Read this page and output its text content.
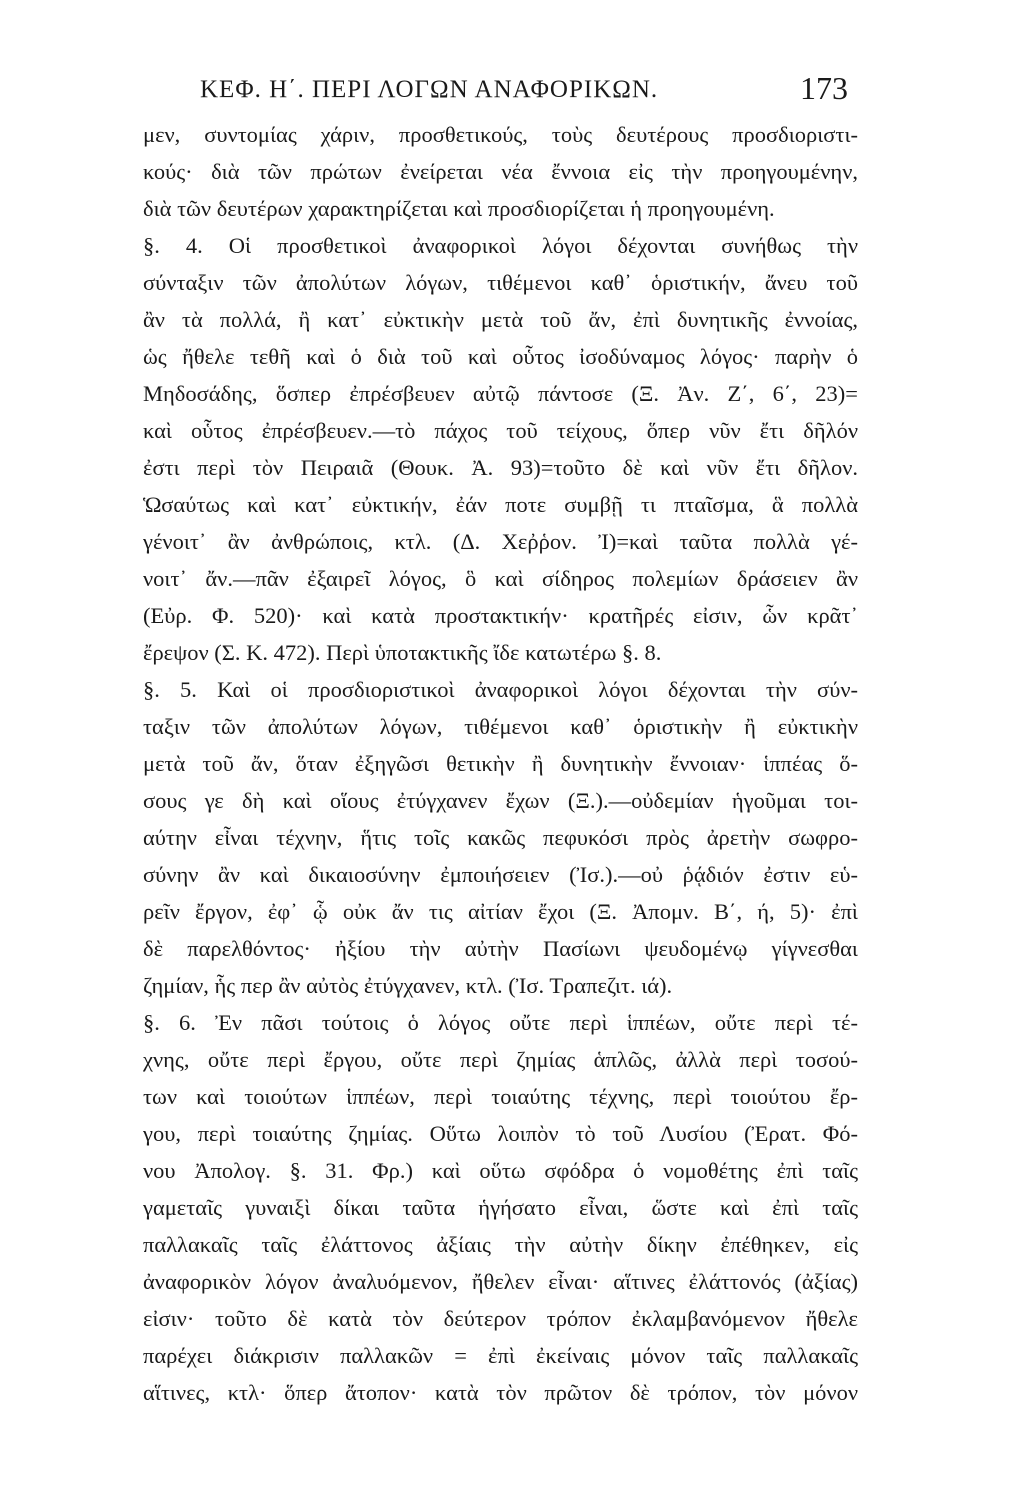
ΚΕΦ. Η΄. ΠΕΡΙ ΛΟΓΩΝ ΑΝΑΦΟΡΙΚΩΝ.	173
μεν, συντομίας χάριν, προσθετικούς, τοὺς δευτέρους προσδιοριστι-
κούς· διὰ τῶν πρώτων ἐνείρεται νέα ἔννοια εἰς τὴν προηγουμένην,
διὰ τῶν δευτέρων χαρακτηρίζεται καὶ προσδιορίζεται ἡ προηγουμένη.
§. 4. Οἱ προσθετικοὶ ἀναφορικοὶ λόγοι δέχονται συνήθως τὴν
σύνταξιν τῶν ἀπολύτων λόγων, τιθέμενοι καθ᾽ ὁριστικήν, ἄνευ τοῦ
ἂν τὰ πολλά, ἢ κατ᾽ εὐκτικὴν μετὰ τοῦ ἄν, ἐπὶ δυνητικῆς ἐννοίας,
ὡς ἤθελε τεθῆ καὶ ὁ διὰ τοῦ καὶ οὗτος ἰσοδύναμος λόγος· παρὴν ὁ
Μηδοσάδης, ὅσπερ ἐπρέσβευεν αὐτῷ πάντοσε (Ξ. Ἀν. Ζ΄, 6΄, 23)=
καὶ οὗτος ἐπρέσβευεν.—τὸ πάχος τοῦ τείχους, ὅπερ νῦν ἔτι δῆλόν
ἐστι περὶ τὸν Πειραιᾶ (Θουκ. Ἀ. 93)=τοῦτο δὲ καὶ νῦν ἔτι δῆλον.
Ὡσαύτως καὶ κατ᾽ εὐκτικήν, ἐάν ποτε συμβῇ τι πταῖσμα, ἃ πολλὰ
γένοιτ᾽ ἂν ἀνθρώποις, κτλ. (Δ. Χεῤῥον. Ἰ)=καὶ ταῦτα πολλὰ γέ-
νοιτ᾽ ἄν.—πᾶν ἐξαιρεῖ λόγος, ὃ καὶ σίδηρος πολεμίων δράσειεν ἂν
(Εὐρ. Φ. 520)· καὶ κατὰ προστακτικήν· κρατῆρές εἰσιν, ὧν κρᾶτ᾽
ἔρεψον (Σ. Κ. 472). Περὶ ὑποτακτικῆς ἴδε κατωτέρω §. 8.
§. 5. Καὶ οἱ προσδιοριστικοὶ ἀναφορικοὶ λόγοι δέχονται τὴν σύν-
ταξιν τῶν ἀπολύτων λόγων, τιθέμενοι καθ᾽ ὁριστικὴν ἢ εὐκτικὴν
μετὰ τοῦ ἄν, ὅταν ἐξηγῶσι θετικὴν ἢ δυνητικὴν ἔννοιαν· ἱππέας ὅ-
σους γε δὴ καὶ οἵους ἐτύγχανεν ἔχων (Ξ.).—οὐδεμίαν ἡγοῦμαι τοι-
αύτην εἶναι τέχνην, ἥτις τοῖς κακῶς πεφυκόσι πρὸς ἀρετὴν σωφρο-
σύνην ἂν καὶ δικαιοσύνην ἐμποιήσειεν (Ἰσ.).—οὐ ῥᾴδιόν ἐστιν εὑ-
ρεῖν ἔργον, ἐφ᾽ ᾧ οὐκ ἄν τις αἰτίαν ἔχοι (Ξ. Ἀπομν. Β΄, ή, 5)· ἐπὶ
δὲ παρελθόντος· ἠξίου τὴν αὐτὴν Πασίωνι ψευδομένῳ γίγνεσθαι
ζημίαν, ἧς περ ἂν αὐτὸς ἐτύγχανεν, κτλ. (Ἰσ. Τραπεζιτ. ιά).
§. 6. Ἐν πᾶσι τούτοις ὁ λόγος οὔτε περὶ ἱππέων, οὔτε περὶ τέ-
χνης, οὔτε περὶ ἔργου, οὔτε περὶ ζημίας ἁπλῶς, ἀλλὰ περὶ τοσού-
των καὶ τοιούτων ἱππέων, περὶ τοιαύτης τέχνης, περὶ τοιούτου ἔρ-
γου, περὶ τοιαύτης ζημίας. Οὕτω λοιπὸν τὸ τοῦ Λυσίου (Ἐρατ. Φό-
νου Ἀπολογ. §. 31. Φρ.) καὶ οὕτω σφόδρα ὁ νομοθέτης ἐπὶ ταῖς
γαμεταῖς γυναιξὶ δίκαι ταῦτα ἡγήσατο εἶναι, ὥστε καὶ ἐπὶ ταῖς
παλλακαῖς ταῖς ἐλάττονος ἀξίαις τὴν αὐτὴν δίκην ἐπέθηκεν, εἰς
ἀναφορικὸν λόγον ἀναλυόμενον, ἤθελεν εἶναι· αἵτινες ἐλάττονός (ἀξίας)
εἰσιν· τοῦτο δὲ κατὰ τὸν δεύτερον τρόπον ἐκλαμβανόμενον ἤθελε
παρέχει διάκρισιν παλλακῶν = ἐπὶ ἐκείναις μόνον ταῖς παλλακαῖς
αἵτινες, κτλ· ὅπερ ἄτοπον· κατὰ τὸν πρῶτον δὲ τρόπον, τὸν μόνον
